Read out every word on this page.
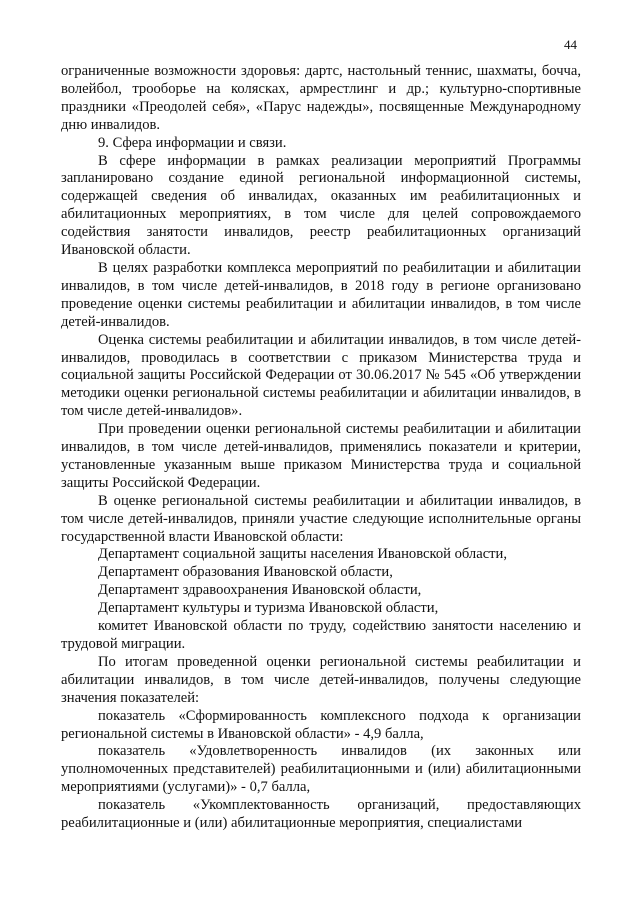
44

ограниченные возможности здоровья: дартс, настольный теннис, шахматы, бочча, волейбол, трооборье на колясках, армрестлинг и др.; культурно-спортивные праздники «Преодолей себя», «Парус надежды», посвященные Международному дню инвалидов.

9. Сфера информации и связи.

В сфере информации в рамках реализации мероприятий Программы запланировано создание единой региональной информационной системы, содержащей сведения об инвалидах, оказанных им реабилитационных и абилитационных мероприятиях, в том числе для целей сопровождаемого содействия занятости инвалидов, реестр реабилитационных организаций Ивановской области.

В целях разработки комплекса мероприятий по реабилитации и абилитации инвалидов, в том числе детей-инвалидов, в 2018 году в регионе организовано проведение оценки системы реабилитации и абилитации инвалидов, в том числе детей-инвалидов.

Оценка системы реабилитации и абилитации инвалидов, в том числе детей-инвалидов, проводилась в соответствии с приказом Министерства труда и социальной защиты Российской Федерации от 30.06.2017 № 545 «Об утверждении методики оценки региональной системы реабилитации и абилитации инвалидов, в том числе детей-инвалидов».

При проведении оценки региональной системы реабилитации и абилитации инвалидов, в том числе детей-инвалидов, применялись показатели и критерии, установленные указанным выше приказом Министерства труда и социальной защиты Российской Федерации.

В оценке региональной системы реабилитации и абилитации инвалидов, в том числе детей-инвалидов, приняли участие следующие исполнительные органы государственной власти Ивановской области:

Департамент социальной защиты населения Ивановской области,

Департамент образования Ивановской области,

Департамент здравоохранения Ивановской области,

Департамент культуры и туризма Ивановской области,

комитет Ивановской области по труду, содействию занятости населению и трудовой миграции.

По итогам проведенной оценки региональной системы реабилитации и абилитации инвалидов, в том числе детей-инвалидов, получены следующие значения показателей:

показатель «Сформированность комплексного подхода к организации региональной системы в Ивановской области» - 4,9 балла,

показатель «Удовлетворенность инвалидов (их законных или уполномоченных представителей) реабилитационными и (или) абилитационными мероприятиями (услугами)» - 0,7 балла,

показатель «Укомплектованность организаций, предоставляющих реабилитационные и (или) абилитационные мероприятия, специалистами
